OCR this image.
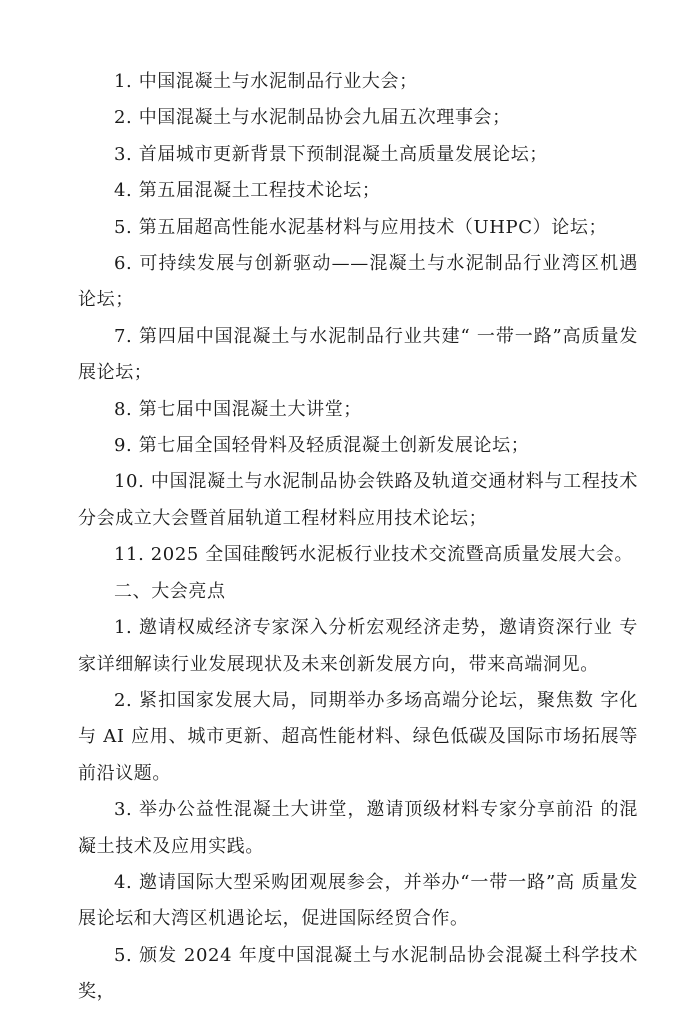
1. 中国混凝土与水泥制品行业大会；

2. 中国混凝土与水泥制品协会九届五次理事会；

3. 首届城市更新背景下预制混凝土高质量发展论坛；

4. 第五届混凝土工程技术论坛；

5. 第五届超高性能水泥基材料与应用技术（UHPC）论坛；

6. 可持续发展与创新驱动——混凝土与水泥制品行业湾区机遇论坛；

7. 第四届中国混凝土与水泥制品行业共建“ 一带一路”高质量发展论坛；

8. 第七届中国混凝土大讲堂；

9. 第七届全国轻骨料及轻质混凝土创新发展论坛；

10. 中国混凝土与水泥制品协会铁路及轨道交通材料与工程技术分会成立大会暨首届轨道工程材料应用技术论坛；

11. 2025 全国硅酸钙水泥板行业技术交流暨高质量发展大会。

二、大会亮点

1. 邀请权威经济专家深入分析宏观经济走势，邀请资深行业 专家详细解读行业发展现状及未来创新发展方向，带来高端洞见。

2. 紧扣国家发展大局，同期举办多场高端分论坛，聚焦数 字化与 AI 应用、城市更新、超高性能材料、绿色低碳及国际市场拓展等前沿议题。

3. 举办公益性混凝土大讲堂，邀请顶级材料专家分享前沿 的混凝土技术及应用实践。

4. 邀请国际大型采购团观展参会，并举办“一带一路”高 质量发展论坛和大湾区机遇论坛，促进国际经贸合作。

5. 颁发 2024 年度中国混凝土与水泥制品协会混凝土科学技术奖，
